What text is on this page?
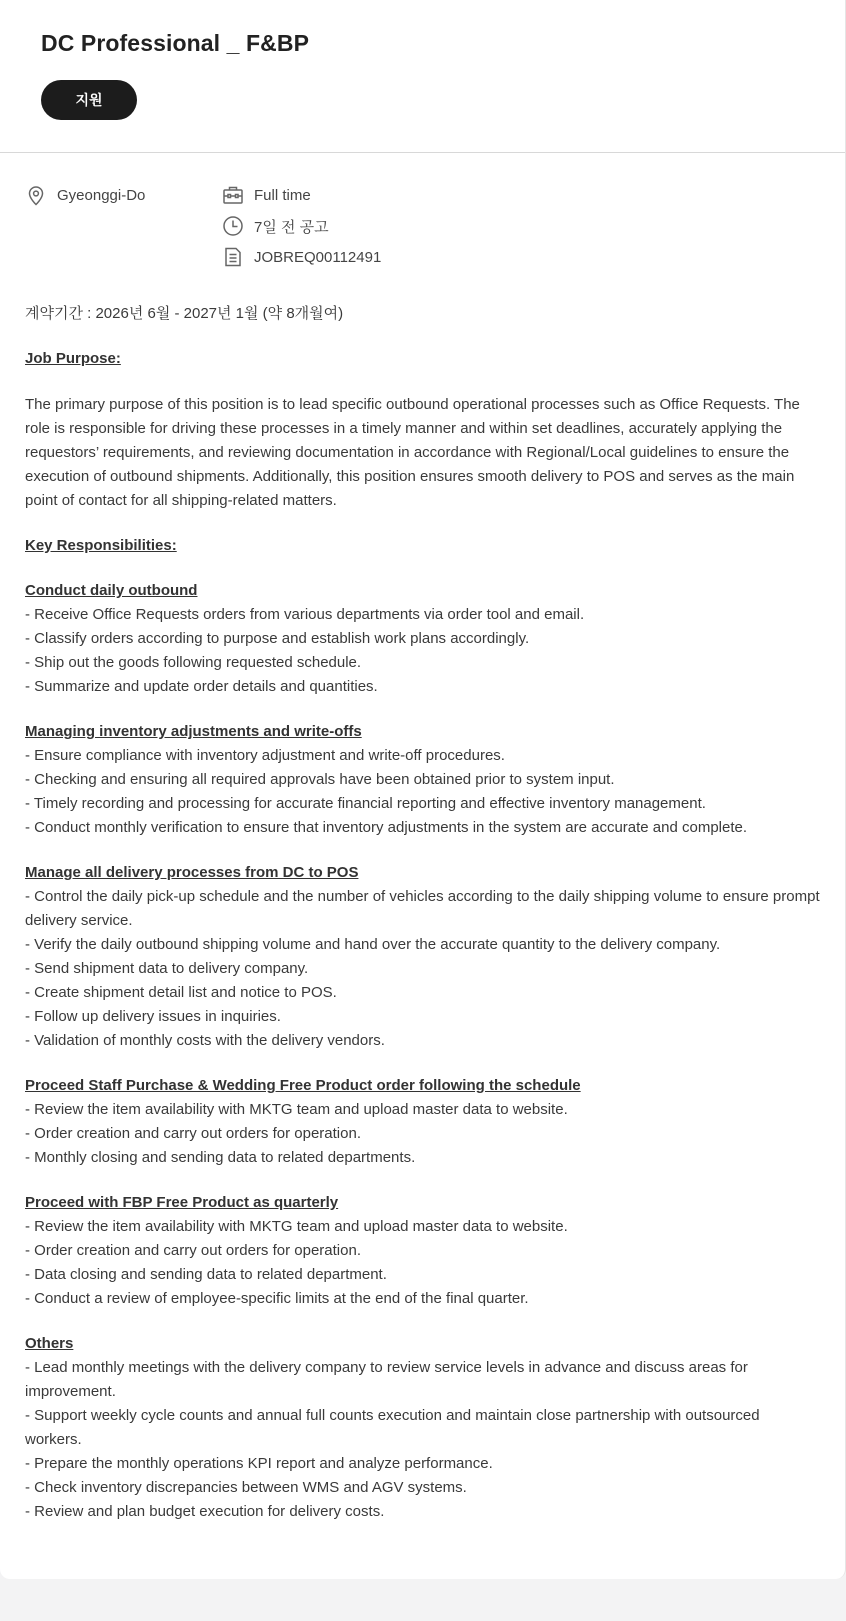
DC Professional _ F&BP
지원
Gyeonggi-Do	Full time
7일 전 공고
JOBREQ00112491

계약기간 : 2026년 6월 - 2027년 1월 (약 8개월여)

Job Purpose:

The primary purpose of this position is to lead specific outbound operational processes such as Office Requests. The role is responsible for driving these processes in a timely manner and within set deadlines, accurately applying the requestors’ requirements, and reviewing documentation in accordance with Regional/Local guidelines to ensure the execution of outbound shipments. Additionally, this position ensures smooth delivery to POS and serves as the main point of contact for all shipping-related matters.

Key Responsibilities:

Conduct daily outbound

- Receive Office Requests orders from various departments via order tool and email.

- Classify orders according to purpose and establish work plans accordingly.

- Ship out the goods following requested schedule.

- Summarize and update order details and quantities.

Managing inventory adjustments and write-offs

- Ensure compliance with inventory adjustment and write-off procedures.

- Checking and ensuring all required approvals have been obtained prior to system input.

- Timely recording and processing for accurate financial reporting and effective inventory management.

- Conduct monthly verification to ensure that inventory adjustments in the system are accurate and complete.

Manage all delivery processes from DC to POS

- Control the daily pick-up schedule and the number of vehicles according to the daily shipping volume to ensure prompt delivery service.

- Verify the daily outbound shipping volume and hand over the accurate quantity to the delivery company.

- Send shipment data to delivery company.

- Create shipment detail list and notice to POS.

- Follow up delivery issues in inquiries.

- Validation of monthly costs with the delivery vendors.

Proceed Staff Purchase & Wedding Free Product order following the schedule

- Review the item availability with MKTG team and upload master data to website.

- Order creation and carry out orders for operation.

- Monthly closing and sending data to related departments.

Proceed with FBP Free Product as quarterly

- Review the item availability with MKTG team and upload master data to website.

- Order creation and carry out orders for operation.

- Data closing and sending data to related department.

- Conduct a review of employee-specific limits at the end of the final quarter.

Others

- Lead monthly meetings with the delivery company to review service levels in advance and discuss areas for improvement.

- Support weekly cycle counts and annual full counts execution and maintain close partnership with outsourced workers.

- Prepare the monthly operations KPI report and analyze performance.

- Check inventory discrepancies between WMS and AGV systems.

- Review and plan budget execution for delivery costs.
